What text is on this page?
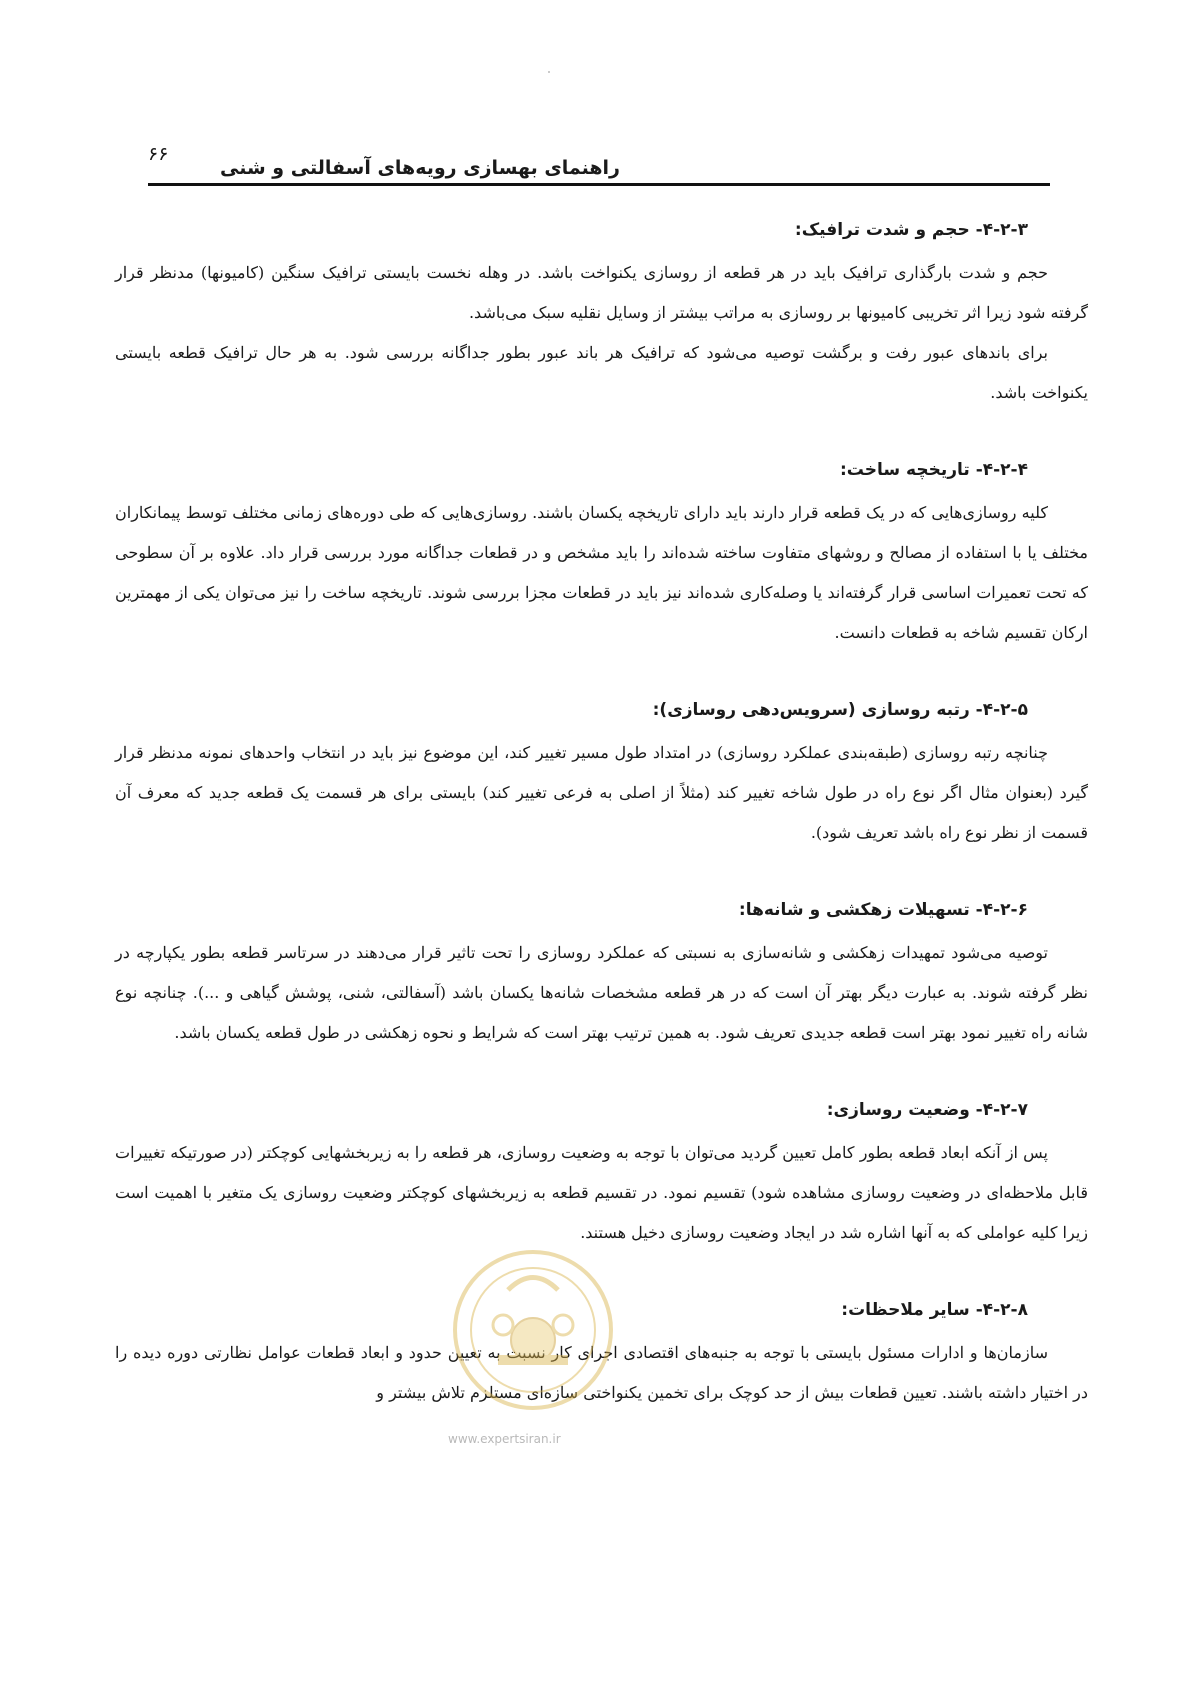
۶۶
راهنمای بهسازی رویه‌های آسفالتی و شنی
۴-۲-۳- حجم و شدت ترافیک:

حجم و شدت بارگذاری ترافیک باید در هر قطعه از روسازی یکنواخت باشد. در وهله نخست بایستی ترافیک سنگین (کامیونها) مدنظر قرار گرفته شود زیرا اثر تخریبی کامیونها بر روسازی به مراتب بیشتر از وسایل نقلیه سبک می‌باشد.

برای باندهای عبور رفت و برگشت توصیه می‌شود که ترافیک هر باند عبور بطور جداگانه بررسی شود. به هر حال ترافیک قطعه بایستی یکنواخت باشد.

۴-۲-۴- تاریخچه ساخت:

کلیه روسازی‌هایی که در یک قطعه قرار دارند باید دارای تاریخچه یکسان باشند. روسازی‌هایی که طی دوره‌های زمانی مختلف توسط پیمانکاران مختلف یا با استفاده از مصالح و روشهای متفاوت ساخته شده‌اند را باید مشخص و در قطعات جداگانه مورد بررسی قرار داد. علاوه بر آن سطوحی که تحت تعمیرات اساسی قرار گرفته‌اند یا وصله‌کاری شده‌اند نیز باید در قطعات مجزا بررسی شوند. تاریخچه ساخت را نیز می‌توان یکی از مهمترین ارکان تقسیم شاخه به قطعات دانست.

۴-۲-۵- رتبه روسازی (سرویس‌دهی روسازی):

چنانچه رتبه روسازی (طبقه‌بندی عملکرد روسازی) در امتداد طول مسیر تغییر کند، این موضوع نیز باید در انتخاب واحدهای نمونه مدنظر قرار گیرد (بعنوان مثال اگر نوع راه در طول شاخه تغییر کند (مثلاً از اصلی به فرعی تغییر کند) بایستی برای هر قسمت یک قطعه جدید که معرف آن قسمت از نظر نوع راه باشد تعریف شود).

۴-۲-۶- تسهیلات زهکشی و شانه‌ها:

توصیه می‌شود تمهیدات زهکشی و شانه‌سازی به نسبتی که عملکرد روسازی را تحت تاثیر قرار می‌دهند در سرتاسر قطعه بطور یکپارچه در نظر گرفته شوند. به عبارت دیگر بهتر آن است که در هر قطعه مشخصات شانه‌ها یکسان باشد (آسفالتی، شنی، پوشش گیاهی و ...). چنانچه نوع شانه راه تغییر نمود بهتر است قطعه جدیدی تعریف شود. به همین ترتیب بهتر است که شرایط و نحوه زهکشی در طول قطعه یکسان باشد.

۴-۲-۷- وضعیت روسازی:

پس از آنکه ابعاد قطعه بطور کامل تعیین گردید می‌توان با توجه به وضعیت روسازی، هر قطعه را به زیربخشهایی کوچکتر (در صورتیکه تغییرات قابل ملاحظه‌ای در وضعیت روسازی مشاهده شود) تقسیم نمود. در تقسیم قطعه به زیربخشهای کوچکتر وضعیت روسازی یک متغیر با اهمیت است زیرا کلیه عواملی که به آنها اشاره شد در ایجاد وضعیت روسازی دخیل هستند.

۴-۲-۸- سایر ملاحظات:

سازمان‌ها و ادارات مسئول بایستی با توجه به جنبه‌های اقتصادی اجرای کار نسبت به تعیین حدود و ابعاد قطعات عوامل نظارتی دوره دیده را در اختیار داشته باشند. تعیین قطعات بیش از حد کوچک برای تخمین یکنواختی سازه‌ای مستلزم تلاش بیشتر و

www.expertsiran.ir
